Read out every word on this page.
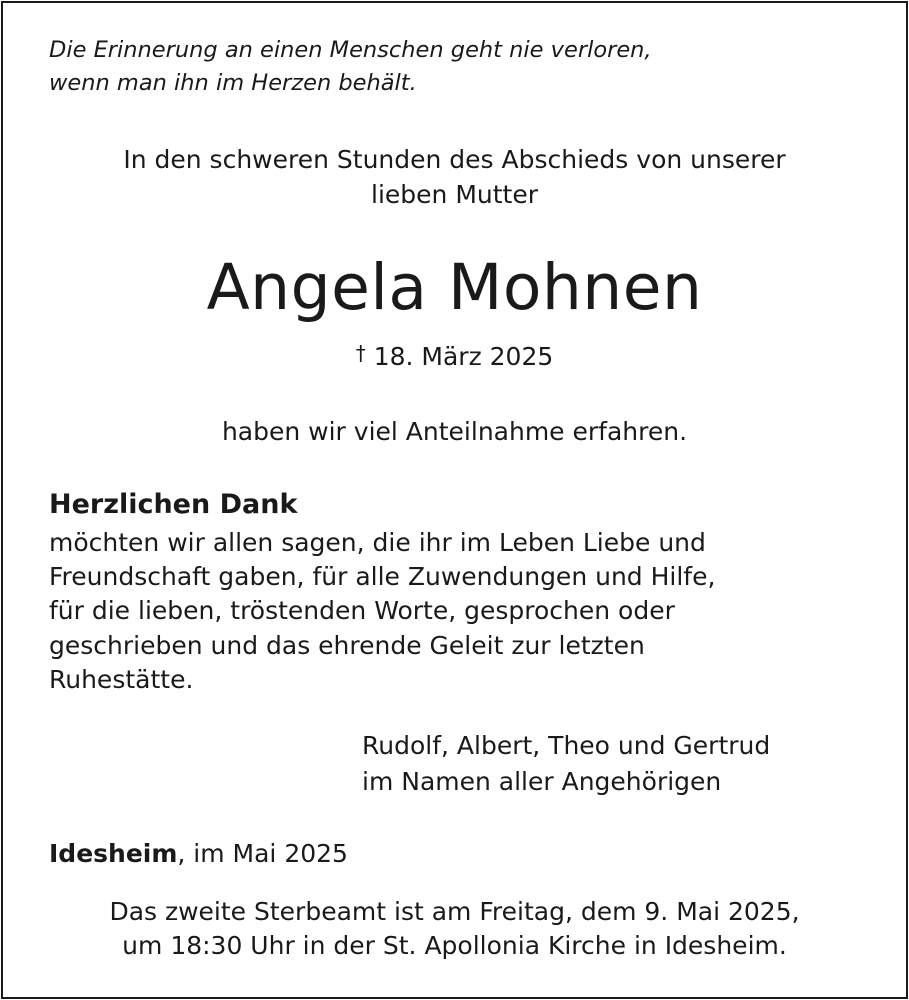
Die Erinnerung an einen Menschen geht nie verloren,
wenn man ihn im Herzen behält.
In den schweren Stunden des Abschieds von unserer
lieben Mutter
Angela Mohnen
† 18. März 2025
haben wir viel Anteilnahme erfahren.
Herzlichen Dank
möchten wir allen sagen, die ihr im Leben Liebe und
Freundschaft gaben, für alle Zuwendungen und Hilfe,
für die lieben, tröstenden Worte, gesprochen oder
geschrieben und das ehrende Geleit zur letzten
Ruhestätte.
Rudolf, Albert, Theo und Gertrud
im Namen aller Angehörigen
Idesheim, im Mai 2025
Das zweite Sterbeamt ist am Freitag, dem 9. Mai 2025,
um 18:30 Uhr in der St. Apollonia Kirche in Idesheim.
